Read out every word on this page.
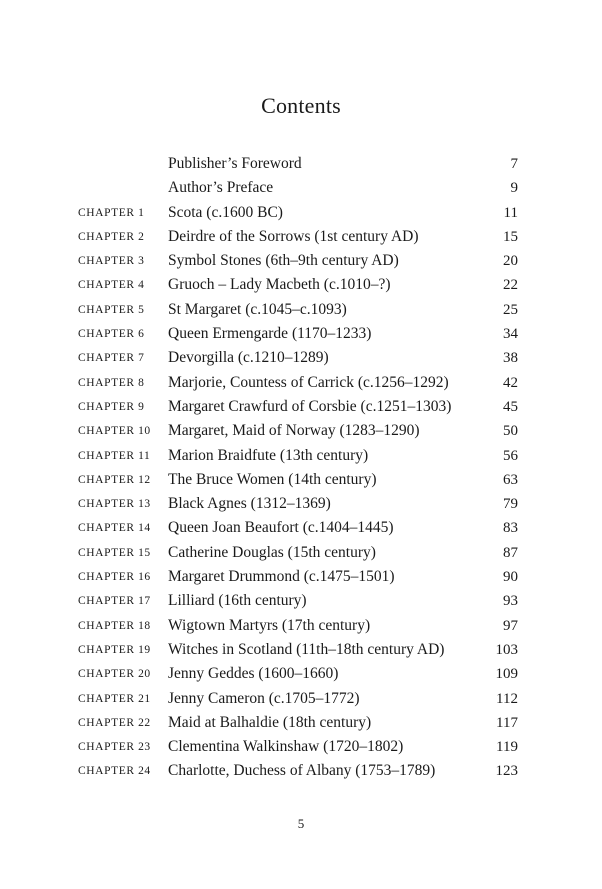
Contents
Publisher’s Foreword	7
Author’s Preface	9
CHAPTER 1	Scota (c.1600 BC)	11
CHAPTER 2	Deirdre of the Sorrows (1st century AD)	15
CHAPTER 3	Symbol Stones (6th–9th century AD)	20
CHAPTER 4	Gruoch – Lady Macbeth (c.1010–?)	22
CHAPTER 5	St Margaret (c.1045–c.1093)	25
CHAPTER 6	Queen Ermengarde (1170–1233)	34
CHAPTER 7	Devorgilla (c.1210–1289)	38
CHAPTER 8	Marjorie, Countess of Carrick (c.1256–1292)	42
CHAPTER 9	Margaret Crawfurd of Corsbie (c.1251–1303)	45
CHAPTER 10	Margaret, Maid of Norway (1283–1290)	50
CHAPTER 11	Marion Braidfute (13th century)	56
CHAPTER 12	The Bruce Women (14th century)	63
CHAPTER 13	Black Agnes (1312–1369)	79
CHAPTER 14	Queen Joan Beaufort (c.1404–1445)	83
CHAPTER 15	Catherine Douglas (15th century)	87
CHAPTER 16	Margaret Drummond (c.1475–1501)	90
CHAPTER 17	Lilliard (16th century)	93
CHAPTER 18	Wigtown Martyrs (17th century)	97
CHAPTER 19	Witches in Scotland (11th–18th century AD)	103
CHAPTER 20	Jenny Geddes (1600–1660)	109
CHAPTER 21	Jenny Cameron (c.1705–1772)	112
CHAPTER 22	Maid at Balhaldie (18th century)	117
CHAPTER 23	Clementina Walkinshaw (1720–1802)	119
CHAPTER 24	Charlotte, Duchess of Albany (1753–1789)	123
5
